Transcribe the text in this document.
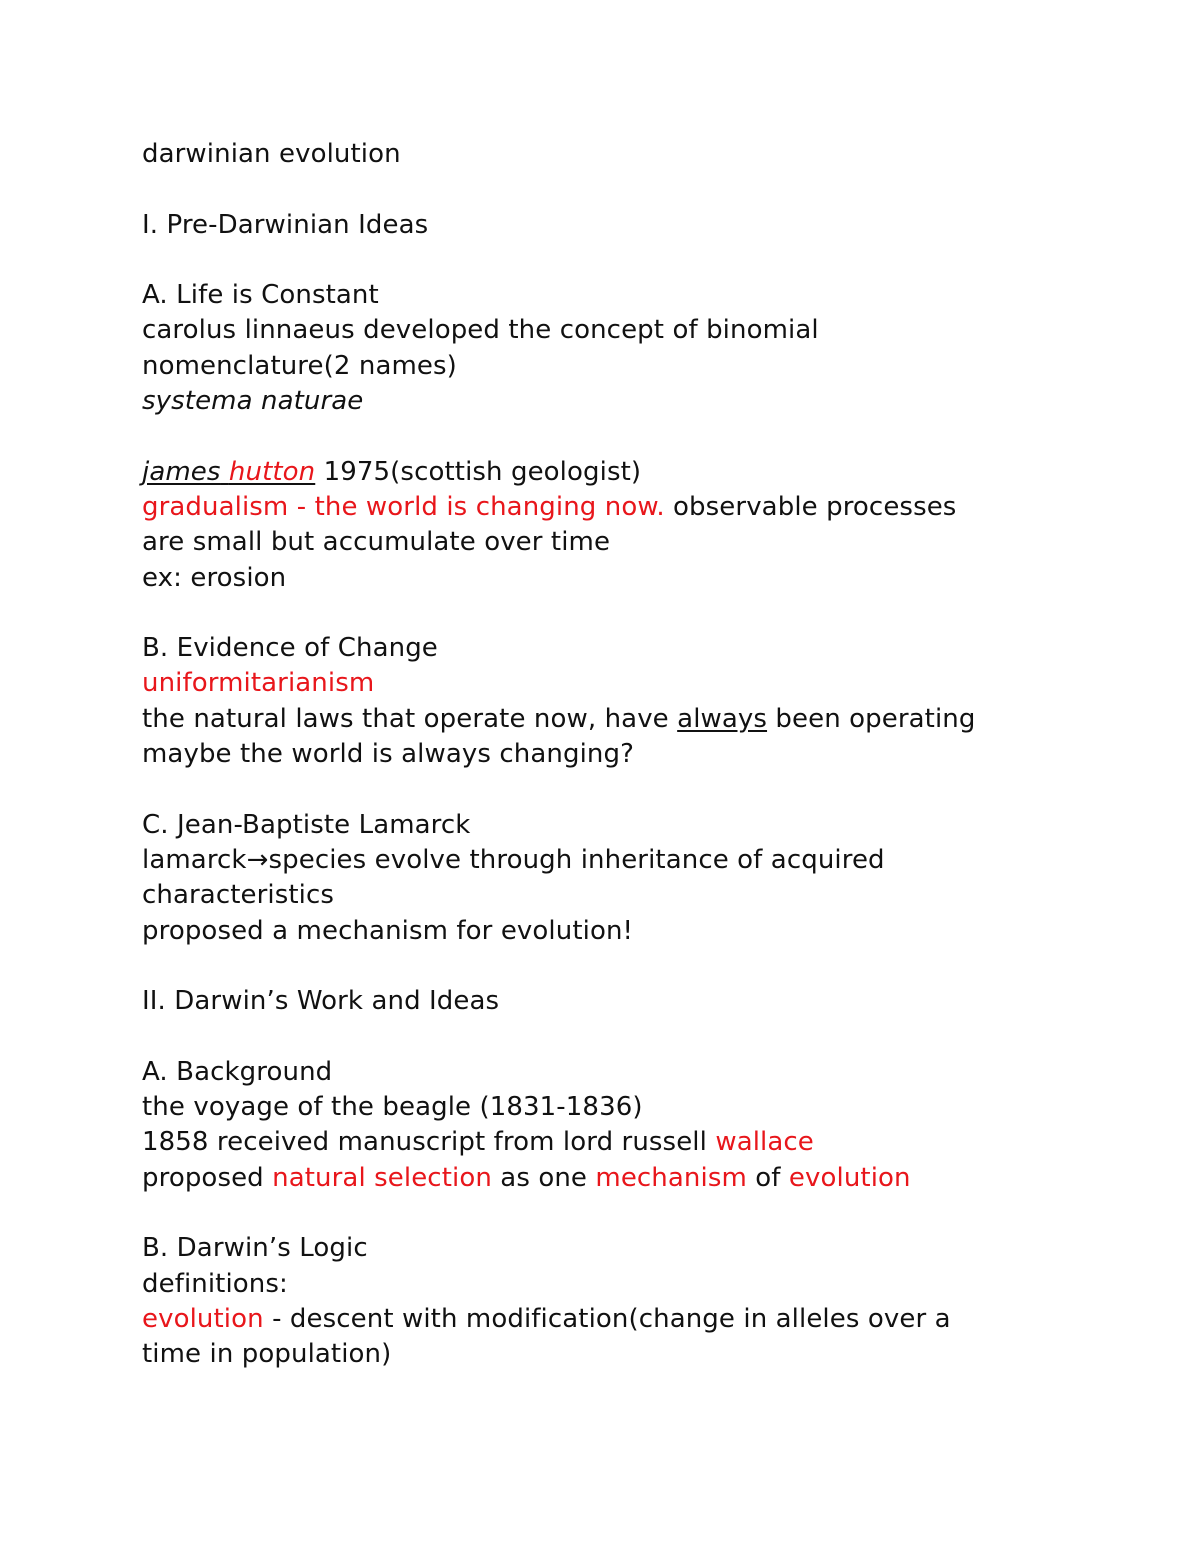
darwinian evolution
I. Pre-Darwinian Ideas
A. Life is Constant
carolus linnaeus developed the concept of binomial
nomenclature(2 names)
systema naturae
james hutton 1975(scottish geologist)
gradualism - the world is changing now. observable processes
are small but accumulate over time
ex: erosion
B. Evidence of Change
uniformitarianism
the natural laws that operate now, have always been operating
maybe the world is always changing?
C. Jean-Baptiste Lamarck
lamarck→species evolve through inheritance of acquired
characteristics
proposed a mechanism for evolution!
II. Darwin’s Work and Ideas
A. Background
the voyage of the beagle (1831-1836)
1858 received manuscript from lord russell wallace
proposed natural selection as one mechanism of evolution
B. Darwin’s Logic
definitions:
evolution - descent with modification(change in alleles over a
time in population)
